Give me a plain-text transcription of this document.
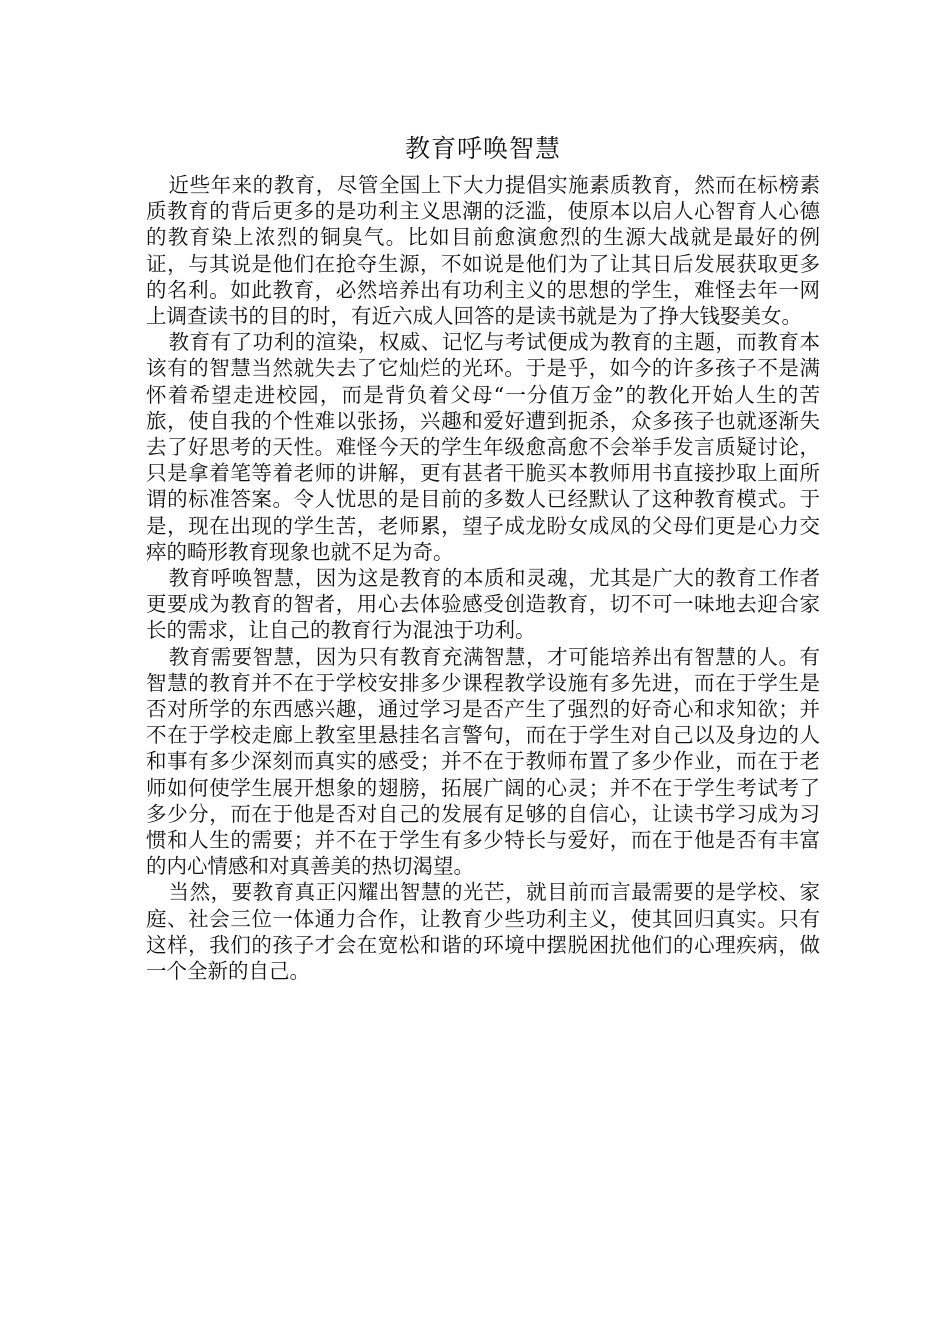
教育呼唤智慧

近些年来的教育，尽管全国上下大力提倡实施素质教育，然而在标榜素质教育的背后更多的是功利主义思潮的泛滥，使原本以启人心智育人心德的教育染上浓烈的铜臭气。比如目前愈演愈烈的生源大战就是最好的例证，与其说是他们在抢夺生源，不如说是他们为了让其日后发展获取更多的名利。如此教育，必然培养出有功利主义的思想的学生，难怪去年一网上调查读书的目的时，有近六成人回答的是读书就是为了挣大钱娶美女。

教育有了功利的渲染，权威、记忆与考试便成为教育的主题，而教育本该有的智慧当然就失去了它灿烂的光环。于是乎，如今的许多孩子不是满怀着希望走进校园，而是背负着父母“一分值万金”的教化开始人生的苦旅，使自我的个性难以张扬，兴趣和爱好遭到扼杀，众多孩子也就逐渐失去了好思考的天性。难怪今天的学生年级愈高愈不会举手发言质疑讨论，只是拿着笔等着老师的讲解，更有甚者干脆买本教师用书直接抄取上面所谓的标准答案。令人忧思的是目前的多数人已经默认了这种教育模式。于是，现在出现的学生苦，老师累，望子成龙盼女成凤的父母们更是心力交瘁的畸形教育现象也就不足为奇。

教育呼唤智慧，因为这是教育的本质和灵魂，尤其是广大的教育工作者更要成为教育的智者，用心去体验感受创造教育，切不可一味地去迎合家长的需求，让自己的教育行为混浊于功利。

教育需要智慧，因为只有教育充满智慧，才可能培养出有智慧的人。有智慧的教育并不在于学校安排多少课程教学设施有多先进，而在于学生是否对所学的东西感兴趣，通过学习是否产生了强烈的好奇心和求知欲；并不在于学校走廊上教室里悬挂名言警句，而在于学生对自己以及身边的人和事有多少深刻而真实的感受；并不在于教师布置了多少作业，而在于老师如何使学生展开想象的翅膀，拓展广阔的心灵；并不在于学生考试考了多少分，而在于他是否对自己的发展有足够的自信心，让读书学习成为习惯和人生的需要；并不在于学生有多少特长与爱好，而在于他是否有丰富的内心情感和对真善美的热切渴望。

当然，要教育真正闪耀出智慧的光芒，就目前而言最需要的是学校、家庭、社会三位一体通力合作，让教育少些功利主义，使其回归真实。只有这样，我们的孩子才会在宽松和谐的环境中摆脱困扰他们的心理疾病，做一个全新的自己。
